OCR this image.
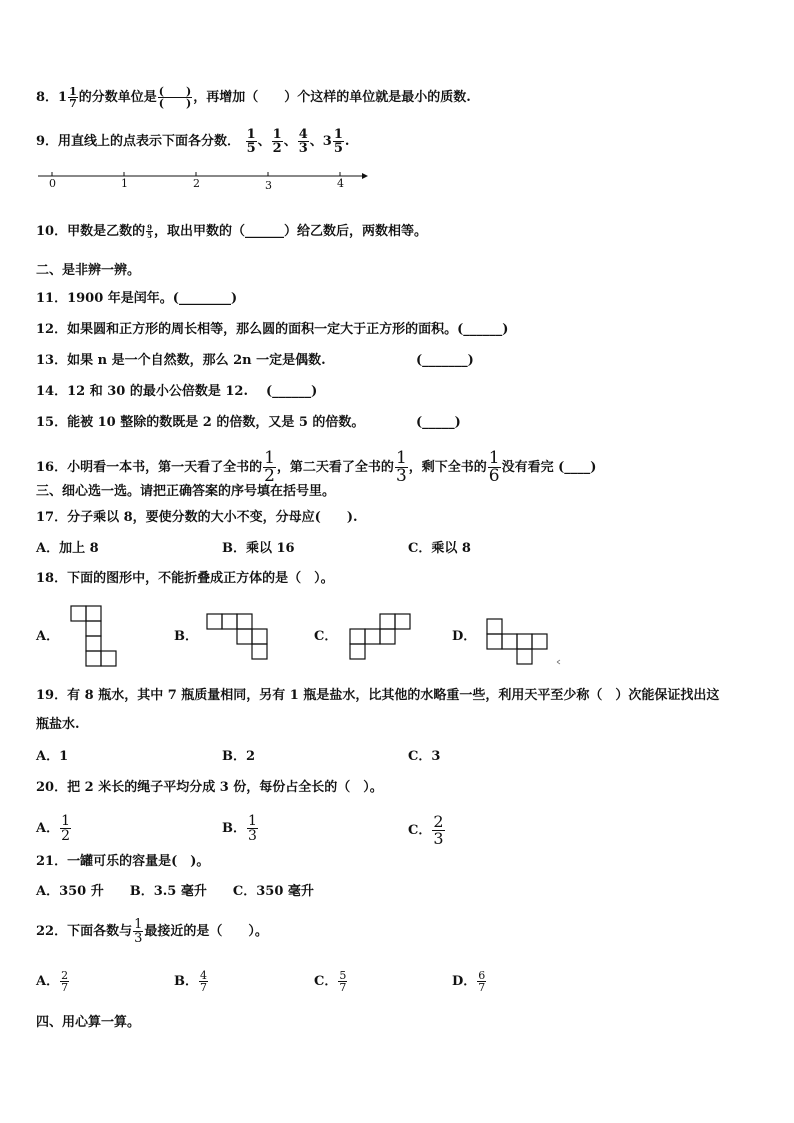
8．$1 \frac{1}{7}$ 的分数单位是 $\frac{( )}{( )}$ ，再增加（　　）个这样的单位就是最小的质数.
9．用直线上的点表示下面各分数． $\frac{1}{5}$ 、 $\frac{1}{2}$ 、 $\frac{4}{3}$ 、$3 \frac{1}{5}$ .
0	1	2	3	4
10．甲数是乙数的 $\frac{9}{5}$ ，取出甲数的（______）给乙数后，两数相等。
二、是非辨一辨。
11．1900 年是闰年。(________)
12．如果圆和正方形的周长相等，那么圆的面积一定大于正方形的面积。(______)
13．如果 n 是一个自然数，那么 2n 一定是偶数.	(_______)
14．12 和 30 的最小公倍数是 12. (______)
15．能被 10 整除的数既是 2 的倍数，又是 5 的倍数。	(_____)
16．小明看一本书，第一天看了全书的 $\frac{1}{2}$ ，第二天看了全书的 $\frac{1}{3}$ ，剩下全书的 $\frac{1}{6}$ 没有看完 (____)
三、细心选一选。请把正确答案的序号填在括号里。
17．分子乘以 8，要使分数的大小不变，分母应(　　).
A．加上 8	B．乘以 16	C．乘以 8
18．下面的图形中，不能折叠成正方体的是（　）。
A．	B．	C．	D．
19．有 8 瓶水，其中 7 瓶质量相同，另有 1 瓶是盐水，比其他的水略重一些，利用天平至少称（　）次能保证找出这
瓶盐水.
A．1	B．2	C．3
20．把 2 米长的绳子平均分成 3 份，每份占全长的（　）。
A． $\frac{1}{2}$	B． $\frac{1}{3}$	C． $\frac{2}{3}$
21．一罐可乐的容量是(　)。
A．350 升　　B．3.5 毫升　　C．350 毫升
22．下面各数与 $\frac{1}{3}$ 最接近的是（　　）。
A． $\frac{2}{7}$	B． $\frac{4}{7}$	C． $\frac{5}{7}$	D． $\frac{6}{7}$
四、用心算一算。
